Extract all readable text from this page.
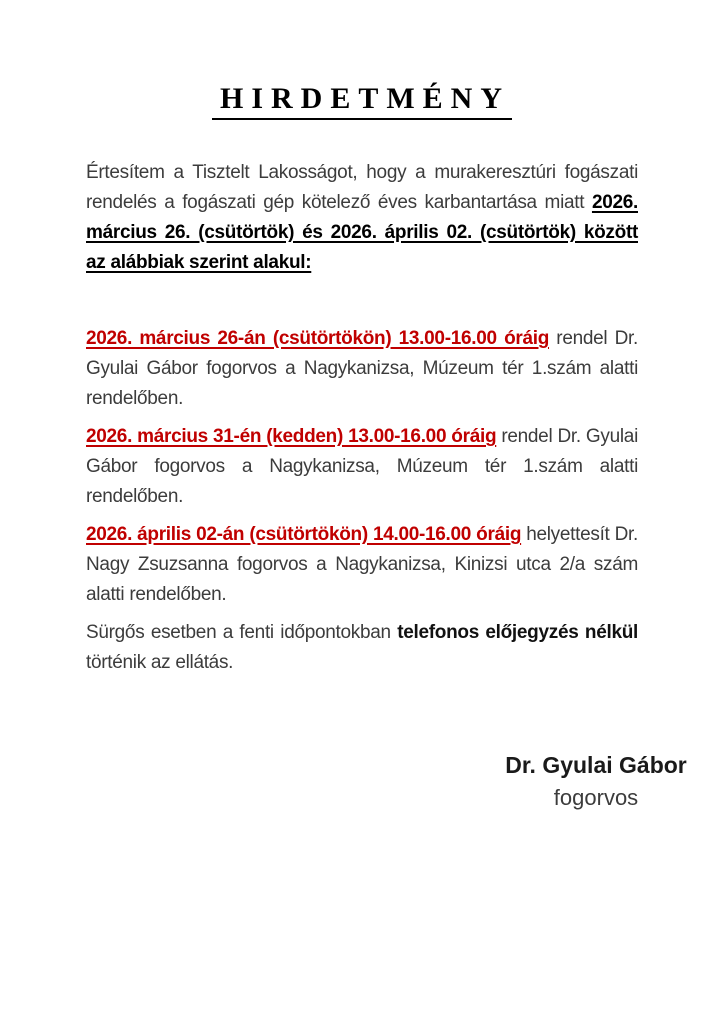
HIRDETMÉNY

Értesítem a Tisztelt Lakosságot, hogy a murakeresztúri fogászati rendelés a fogászati gép kötelező éves karbantartása miatt 2026. március 26. (csütörtök) és 2026. április 02. (csütörtök) között az alábbiak szerint alakul:

2026. március 26-án (csütörtökön) 13.00-16.00 óráig rendel Dr. Gyulai Gábor fogorvos a Nagykanizsa, Múzeum tér 1.szám alatti rendelőben.

2026. március 31-én (kedden) 13.00-16.00 óráig rendel Dr. Gyulai Gábor fogorvos a Nagykanizsa, Múzeum tér 1.szám alatti rendelőben.

2026. április 02-án (csütörtökön) 14.00-16.00 óráig helyettesít Dr. Nagy Zsuzsanna fogorvos a Nagykanizsa, Kinizsi utca 2/a szám alatti rendelőben.

Sürgős esetben a fenti időpontokban telefonos előjegyzés nélkül történik az ellátás.

Dr. Gyulai Gábor
fogorvos
